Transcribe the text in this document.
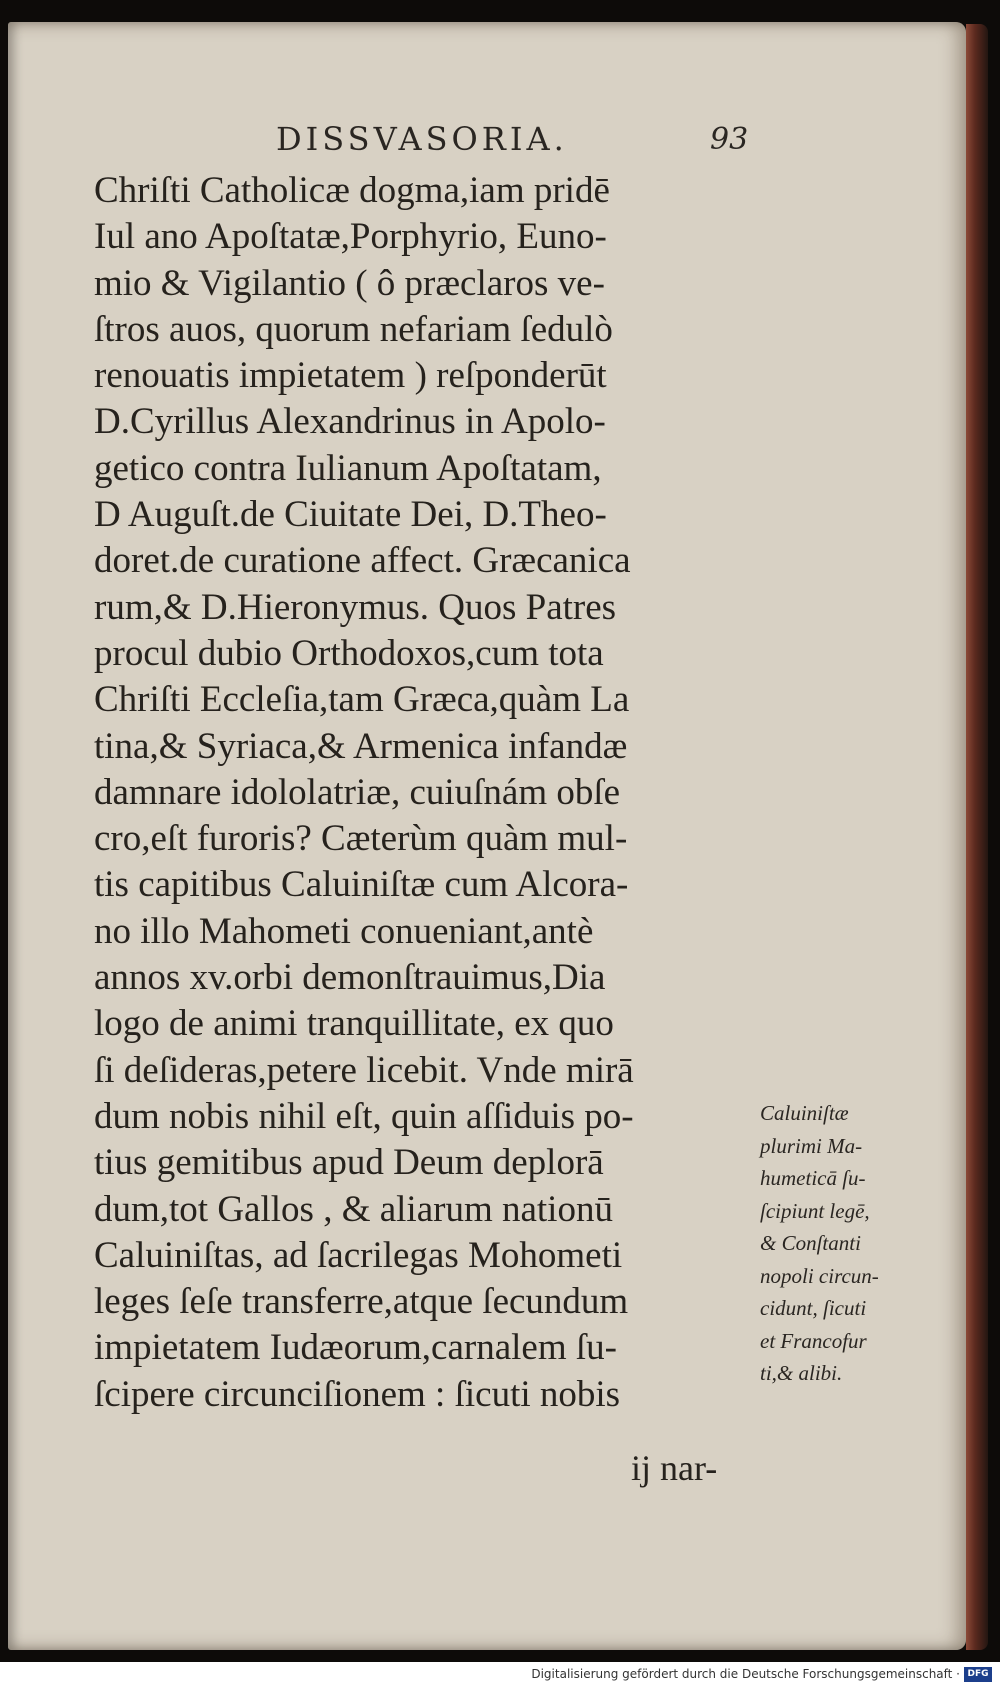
DISSVASORIA.	93
Chriſti Catholicæ dogma,iam pridē
Iul ano Apoſtatæ,Porphyrio, Euno-
mio & Vigilantio ( ô præclaros ve-
ſtros auos, quorum nefariam ſedulò
renouatis impietatem ) reſponderūt
D.Cyrillus Alexandrinus in Apolo-
getico contra Iulianum Apoſtatam,
D Auguſt.de Ciuitate Dei, D.Theo-
doret.de curatione affect. Græcanica
rum,& D.Hieronymus. Quos Patres
procul dubio Orthodoxos,cum tota
Chriſti Eccleſia,tam Græca,quàm La
tina,& Syriaca,& Armenica infandæ
damnare idololatriæ, cuiuſnám obſe
cro,eſt furoris? Cæterùm quàm mul-
tis capitibus Caluiniſtæ cum Alcora-
no illo Mahometi conueniant,antè
annos xv.orbi demonſtrauimus,Dia
logo de animi tranquillitate, ex quo
ſi deſideras,petere licebit. Vnde mirā
dum nobis nihil eſt, quin aſſiduis po-
tius gemitibus apud Deum deplorā
dum,tot Gallos , & aliarum nationū
Caluiniſtas, ad ſacrilegas Mohometi
leges ſeſe transferre,atque ſecundum
impietatem Iudæorum,carnalem ſu-
ſcipere circunciſionem : ſicuti nobis
ij nar-
Caluiniſtæ
plurimi Ma-
humeticā ſu-
ſcipiunt legē,
& Conſtanti
nopoli circun-
cidunt, ſicuti
et Francofur
ti,& alibi.
Digitalisierung gefördert durch die Deutsche Forschungsgemeinschaft · DFG
